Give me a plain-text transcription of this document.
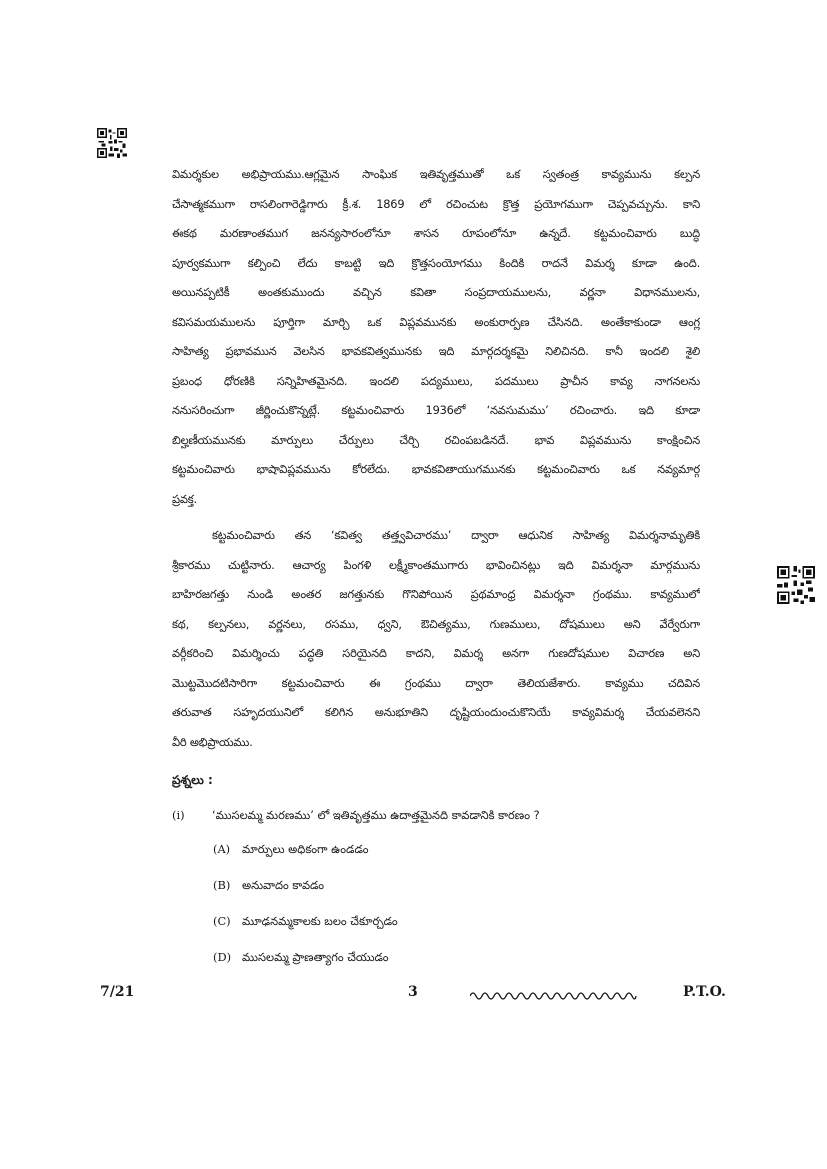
విమర్శకుల అభిప్రాయము.ఆగ్లమైన సాంఘిక ఇతివృత్తముతో ఒక స్వతంత్ర కావ్యమును కల్పన

చేసాత్మకముగా రాసలింగారెడ్డిగారు క్రీ.శ. 1869 లో రచించుట క్రొత్త ప్రయోగముగా చెప్పవచ్చును. కాని

ఈకథ మరణాంతముగ జనన్యసారంలోనూ శాసన రూపంలోనూ ఉన్నదే. కట్టమంచివారు బుద్ధి

పూర్వకముగా కల్పించి లేదు కాబట్టి ఇది క్రొత్తసంయోగము కిందికి రాదనే విమర్శ కూడా ఉంది.

అయినప్పటికీ అంతకుముందు వచ్చిన కవితా సంప్రదాయములను, వర్ణనా విధానములను,

కవిసమయములను పూర్తిగా మార్చి ఒక విప్లవమునకు అంకురార్పణ చేసినది. అంతేకాకుండా ఆంగ్ల

సాహిత్య ప్రభావమున వెలసిన భావకవిత్వమునకు ఇది మార్గదర్శకమై నిలిచినది. కానీ ఇందలి శైలి

ప్రబంధ ధోరణికి సన్నిహితమైనది. ఇందలి పద్యములు, పదములు ప్రాచీన కావ్య నాగనలను

ననుసరించుగా జీర్ణించుకొన్నట్లే. కట్టమంచివారు 1936లో ‘నవసుమము’ రచించారు. ఇది కూడా

బిల్హణీయమునకు మార్పులు చేర్పులు చేర్చి రచింపబడినదే. భావ విప్లవమును కాంక్షించిన

కట్టమంచివారు భాషావిప్లవమును కోరలేదు. భావకవితాయుగమునకు కట్టమంచివారు ఒక నవ్యమార్గ

ప్రవక్త.

కట్టమంచివారు తన ‘కవిత్వ తత్త్వవిచారము’ ద్వారా ఆధునిక సాహిత్య విమర్శనామృతికి

శ్రీకారము చుట్టినారు. ఆచార్య పింగళి లక్ష్మీకాంతముగారు భావించినట్లు ఇది విమర్శనా మార్గమును

బాహిరజగత్తు నుండి అంతర జగత్తునకు గొనిపోయిన ప్రథమాంధ్ర విమర్శనా గ్రంథము. కావ్యములో

కథ, కల్పనలు, వర్ణనలు, రసము, ధ్వని, ఔచిత్యము, గుణములు, దోషములు అని వేర్వేరుగా

వర్గీకరించి విమర్శించు పద్ధతి సరియైనది కాదని, విమర్శ అనగా గుణదోషముల విచారణ అని

మొట్టమొదటిసారిగా కట్టమంచివారు ఈ గ్రంథము ద్వారా తెలియజేశారు. కావ్యము చదివిన

తరువాత సహృదయునిలో కలిగిన అనుభూతిని దృష్టియందుంచుకొనియే కావ్యవిమర్శ చేయవలెనని

వీరి అభిప్రాయము.

ప్రశ్నలు :
(i) ‘ముసలమ్మ మరణము’ లో ఇతివృత్తము ఉదాత్తమైనది కావడానికి కారణం ?
(A) మార్పులు అధికంగా ఉండడం
(B) అనువాదం కావడం
(C) మూఢనమ్మకాలకు బలం చేకూర్చడం
(D) ముసలమ్మ ప్రాణత్యాగం చేయుడం
7/21	3	P.T.O.
